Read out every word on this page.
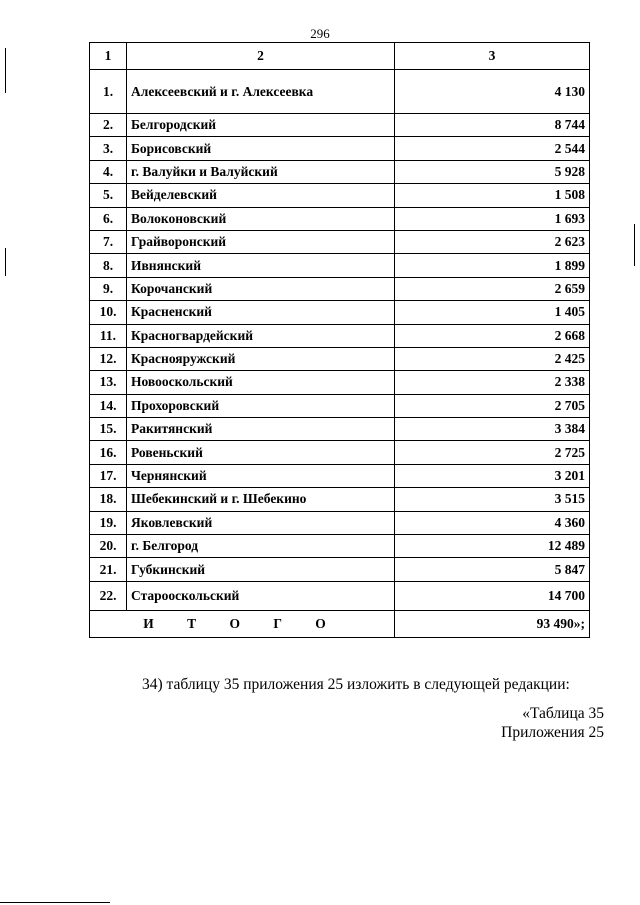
296
1	2	3
1.	Алексеевский и г. Алексеевка	4 130
2.	Белгородский	8 744
3.	Борисовский	2 544
4.	г. Валуйки и Валуйский	5 928
5.	Вейделевский	1 508
6.	Волоконовский	1 693
7.	Грайворонский	2 623
8.	Ивнянский	1 899
9.	Корочанский	2 659
10.	Красненский	1 405
11.	Красногвардейский	2 668
12.	Краснояружский	2 425
13.	Новооскольский	2 338
14.	Прохоровский	2 705
15.	Ракитянский	3 384
16.	Ровеньский	2 725
17.	Чернянский	3 201
18.	Шебекинский и г. Шебекино	3 515
19.	Яковлевский	4 360
20.	г. Белгород	12 489
21.	Губкинский	5 847
22.	Старооскольский	14 700
И Т О Г О		93 490»;
34) таблицу 35 приложения 25 изложить в следующей редакции:
«Таблица 35
Приложения 25
